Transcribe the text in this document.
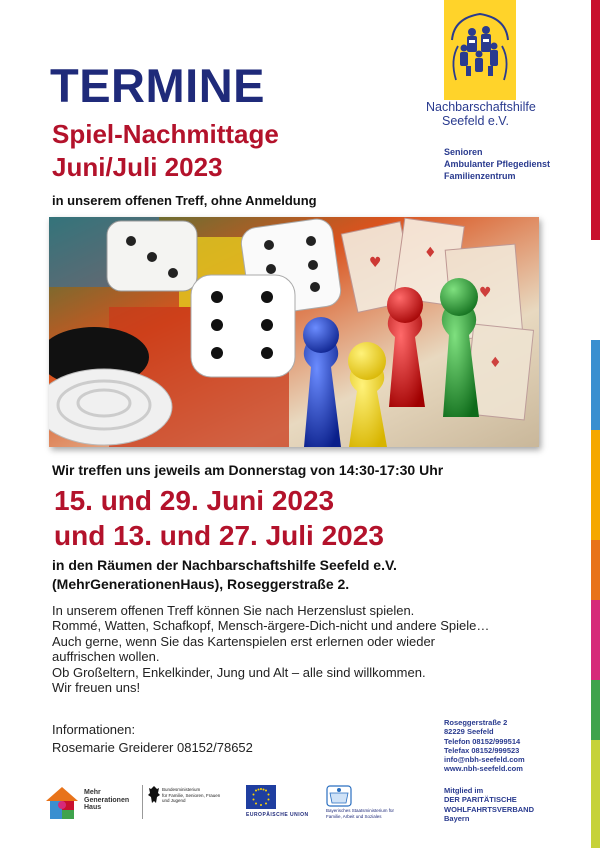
Nachbarschaftshilfe
Seefeld e.V.
Senioren
Ambulanter Pflegedienst
Familienzentrum
TERMINE
Spiel-Nachmittage
Juni/Juli 2023
in unserem offenen Treff, ohne Anmeldung
♥
♦
♥
♦
Wir treffen uns jeweils am Donnerstag von 14:30-17:30 Uhr
15. und 29. Juni 2023
und 13. und 27. Juli 2023
in den Räumen der Nachbarschaftshilfe Seefeld e.V.
(MehrGenerationenHaus), Roseggerstraße 2.
In unserem offenen Treff können Sie nach Herzenslust spielen.
Rommé, Watten, Schafkopf, Mensch-ärgere-Dich-nicht und andere Spiele…
Auch gerne, wenn Sie das Kartenspielen erst erlernen oder wieder
auffrischen wollen.
Ob Großeltern, Enkelkinder, Jung und Alt – alle sind willkommen.
Wir freuen uns!
Informationen:
Rosemarie Greiderer 08152/78652
Roseggerstraße 2
82229 Seefeld
Telefon 08152/999514
Telefax 08152/999523
info@nbh-seefeld.com
www.nbh-seefeld.com
Mitglied im
DER PARITÄTISCHE
WOHLFAHRTSVERBAND
Bayern
Mehr
Generationen
Haus
Bundesministerium
für Familie, Senioren, Frauen
und Jugend
EUROPÄISCHE UNION
Bayerisches Staatsministerium für
Familie, Arbeit und Soziales
